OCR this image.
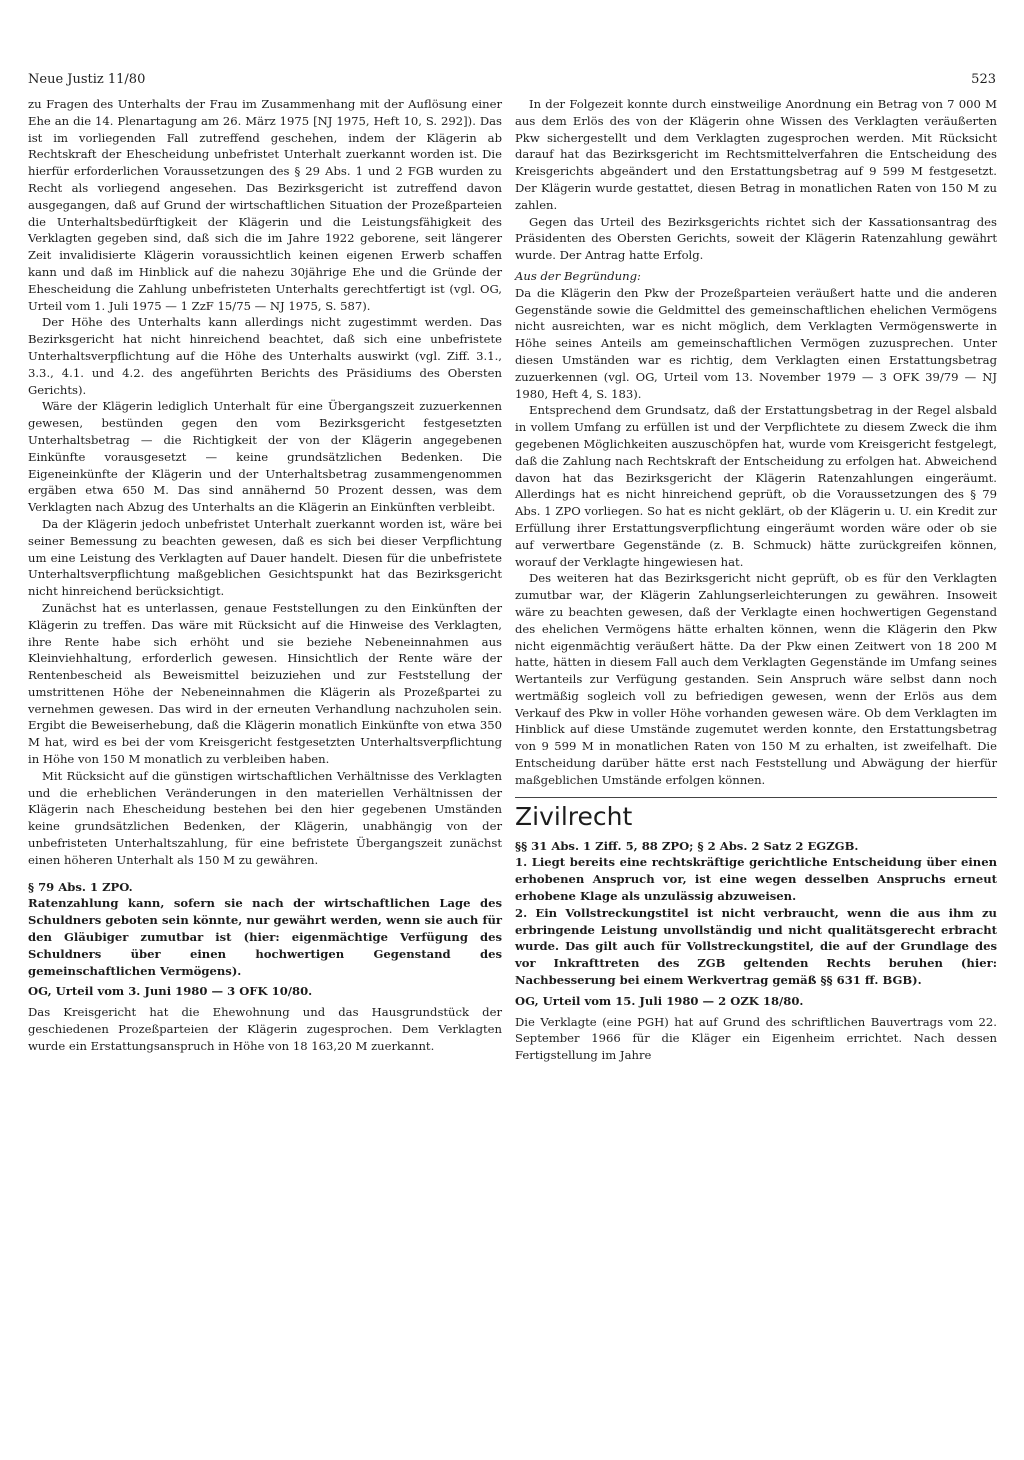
Neue Justiz 11/80	523

zu Fragen des Unterhalts der Frau im Zusammenhang mit der Auflösung einer Ehe an die 14. Plenartagung am 26. März 1975 [NJ 1975, Heft 10, S. 292]). Das ist im vorliegenden Fall zutreffend geschehen, indem der Klägerin ab Rechtskraft der Ehescheidung unbefristet Unterhalt zuerkannt worden ist. Die hierfür erforderlichen Voraussetzungen des § 29 Abs. 1 und 2 FGB wurden zu Recht als vorliegend angesehen. Das Bezirksgericht ist zutreffend davon ausgegangen, daß auf Grund der wirtschaftlichen Situation der Prozeßparteien die Unterhaltsbedürftigkeit der Klägerin und die Leistungsfähigkeit des Verklagten gegeben sind, daß sich die im Jahre 1922 geborene, seit längerer Zeit invalidisierte Klägerin voraussichtlich keinen eigenen Erwerb schaffen kann und daß im Hinblick auf die nahezu 30jährige Ehe und die Gründe der Ehescheidung die Zahlung unbefristeten Unterhalts gerechtfertigt ist (vgl. OG, Urteil vom 1. Juli 1975 — 1 ZzF 15/75 — NJ 1975, S. 587).

Der Höhe des Unterhalts kann allerdings nicht zugestimmt werden. Das Bezirksgericht hat nicht hinreichend beachtet, daß sich eine unbefristete Unterhaltsverpflichtung auf die Höhe des Unterhalts auswirkt (vgl. Ziff. 3.1., 3.3., 4.1. und 4.2. des angeführten Berichts des Präsidiums des Obersten Gerichts).

Wäre der Klägerin lediglich Unterhalt für eine Übergangszeit zuzuerkennen gewesen, bestünden gegen den vom Bezirksgericht festgesetzten Unterhaltsbetrag — die Richtigkeit der von der Klägerin angegebenen Einkünfte vorausgesetzt — keine grundsätzlichen Bedenken. Die Eigeneinkünfte der Klägerin und der Unterhaltsbetrag zusammengenommen ergäben etwa 650 M. Das sind annähernd 50 Prozent dessen, was dem Verklagten nach Abzug des Unterhalts an die Klägerin an Einkünften verbleibt.

Da der Klägerin jedoch unbefristet Unterhalt zuerkannt worden ist, wäre bei seiner Bemessung zu beachten gewesen, daß es sich bei dieser Verpflichtung um eine Leistung des Verklagten auf Dauer handelt. Diesen für die unbefristete Unterhaltsverpflichtung maßgeblichen Gesichtspunkt hat das Bezirksgericht nicht hinreichend berücksichtigt.

Zunächst hat es unterlassen, genaue Feststellungen zu den Einkünften der Klägerin zu treffen. Das wäre mit Rücksicht auf die Hinweise des Verklagten, ihre Rente habe sich erhöht und sie beziehe Nebeneinnahmen aus Kleinviehhaltung, erforderlich gewesen. Hinsichtlich der Rente wäre der Rentenbescheid als Beweismittel beizuziehen und zur Feststellung der umstrittenen Höhe der Nebeneinnahmen die Klägerin als Prozeßpartei zu vernehmen gewesen. Das wird in der erneuten Verhandlung nachzuholen sein. Ergibt die Beweiserhebung, daß die Klägerin monatlich Einkünfte von etwa 350 M hat, wird es bei der vom Kreisgericht festgesetzten Unterhaltsverpflichtung in Höhe von 150 M monatlich zu verbleiben haben.

Mit Rücksicht auf die günstigen wirtschaftlichen Verhältnisse des Verklagten und die erheblichen Veränderungen in den materiellen Verhältnissen der Klägerin nach Ehescheidung bestehen bei den hier gegebenen Umständen keine grundsätzlichen Bedenken, der Klägerin, unabhängig von der unbefristeten Unterhaltszahlung, für eine befristete Übergangszeit zunächst einen höheren Unterhalt als 150 M zu gewähren.

§ 79 Abs. 1 ZPO.

Ratenzahlung kann, sofern sie nach der wirtschaftlichen Lage des Schuldners geboten sein könnte, nur gewährt werden, wenn sie auch für den Gläubiger zumutbar ist (hier: eigenmächtige Verfügung des Schuldners über einen hochwertigen Gegenstand des gemeinschaftlichen Vermögens).

OG, Urteil vom 3. Juni 1980 — 3 OFK 10/80.

Das Kreisgericht hat die Ehewohnung und das Hausgrundstück der geschiedenen Prozeßparteien der Klägerin zugesprochen. Dem Verklagten wurde ein Erstattungsanspruch in Höhe von 18 163,20 M zuerkannt.

In der Folgezeit konnte durch einstweilige Anordnung ein Betrag von 7 000 M aus dem Erlös des von der Klägerin ohne Wissen des Verklagten veräußerten Pkw sichergestellt und dem Verklagten zugesprochen werden. Mit Rücksicht darauf hat das Bezirksgericht im Rechtsmittelverfahren die Entscheidung des Kreisgerichts abgeändert und den Erstattungsbetrag auf 9 599 M festgesetzt. Der Klägerin wurde gestattet, diesen Betrag in monatlichen Raten von 150 M zu zahlen.

Gegen das Urteil des Bezirksgerichts richtet sich der Kassationsantrag des Präsidenten des Obersten Gerichts, soweit der Klägerin Ratenzahlung gewährt wurde. Der Antrag hatte Erfolg.

Aus der Begründung:

Da die Klägerin den Pkw der Prozeßparteien veräußert hatte und die anderen Gegenstände sowie die Geldmittel des gemeinschaftlichen ehelichen Vermögens nicht ausreichten, war es nicht möglich, dem Verklagten Vermögenswerte in Höhe seines Anteils am gemeinschaftlichen Vermögen zuzusprechen. Unter diesen Umständen war es richtig, dem Verklagten einen Erstattungsbetrag zuzuerkennen (vgl. OG, Urteil vom 13. November 1979 — 3 OFK 39/79 — NJ 1980, Heft 4, S. 183).

Entsprechend dem Grundsatz, daß der Erstattungsbetrag in der Regel alsbald in vollem Umfang zu erfüllen ist und der Verpflichtete zu diesem Zweck die ihm gegebenen Möglichkeiten auszuschöpfen hat, wurde vom Kreisgericht festgelegt, daß die Zahlung nach Rechtskraft der Entscheidung zu erfolgen hat. Abweichend davon hat das Bezirksgericht der Klägerin Ratenzahlungen eingeräumt. Allerdings hat es nicht hinreichend geprüft, ob die Voraussetzungen des § 79 Abs. 1 ZPO vorliegen. So hat es nicht geklärt, ob der Klägerin u. U. ein Kredit zur Erfüllung ihrer Erstattungsverpflichtung eingeräumt worden wäre oder ob sie auf verwertbare Gegenstände (z. B. Schmuck) hätte zurückgreifen können, worauf der Verklagte hingewiesen hat.

Des weiteren hat das Bezirksgericht nicht geprüft, ob es für den Verklagten zumutbar war, der Klägerin Zahlungserleichterungen zu gewähren. Insoweit wäre zu beachten gewesen, daß der Verklagte einen hochwertigen Gegenstand des ehelichen Vermögens hätte erhalten können, wenn die Klägerin den Pkw nicht eigenmächtig veräußert hätte. Da der Pkw einen Zeitwert von 18 200 M hatte, hätten in diesem Fall auch dem Verklagten Gegenstände im Umfang seines Wertanteils zur Verfügung gestanden. Sein Anspruch wäre selbst dann noch wertmäßig sogleich voll zu befriedigen gewesen, wenn der Erlös aus dem Verkauf des Pkw in voller Höhe vorhanden gewesen wäre. Ob dem Verklagten im Hinblick auf diese Umstände zugemutet werden konnte, den Erstattungsbetrag von 9 599 M in monatlichen Raten von 150 M zu erhalten, ist zweifelhaft. Die Entscheidung darüber hätte erst nach Feststellung und Abwägung der hierfür maßgeblichen Umstände erfolgen können.

Zivilrecht

§§ 31 Abs. 1 Ziff. 5, 88 ZPO; § 2 Abs. 2 Satz 2 EGZGB.

1. Liegt bereits eine rechtskräftige gerichtliche Entscheidung über einen erhobenen Anspruch vor, ist eine wegen desselben Anspruchs erneut erhobene Klage als unzulässig abzuweisen.

2. Ein Vollstreckungstitel ist nicht verbraucht, wenn die aus ihm zu erbringende Leistung unvollständig und nicht qualitätsgerecht erbracht wurde. Das gilt auch für Vollstreckungstitel, die auf der Grundlage des vor Inkrafttreten des ZGB geltenden Rechts beruhen (hier: Nachbesserung bei einem Werkvertrag gemäß §§ 631 ff. BGB).

OG, Urteil vom 15. Juli 1980 — 2 OZK 18/80.

Die Verklagte (eine PGH) hat auf Grund des schriftlichen Bauvertrags vom 22. September 1966 für die Kläger ein Eigenheim errichtet. Nach dessen Fertigstellung im Jahre
